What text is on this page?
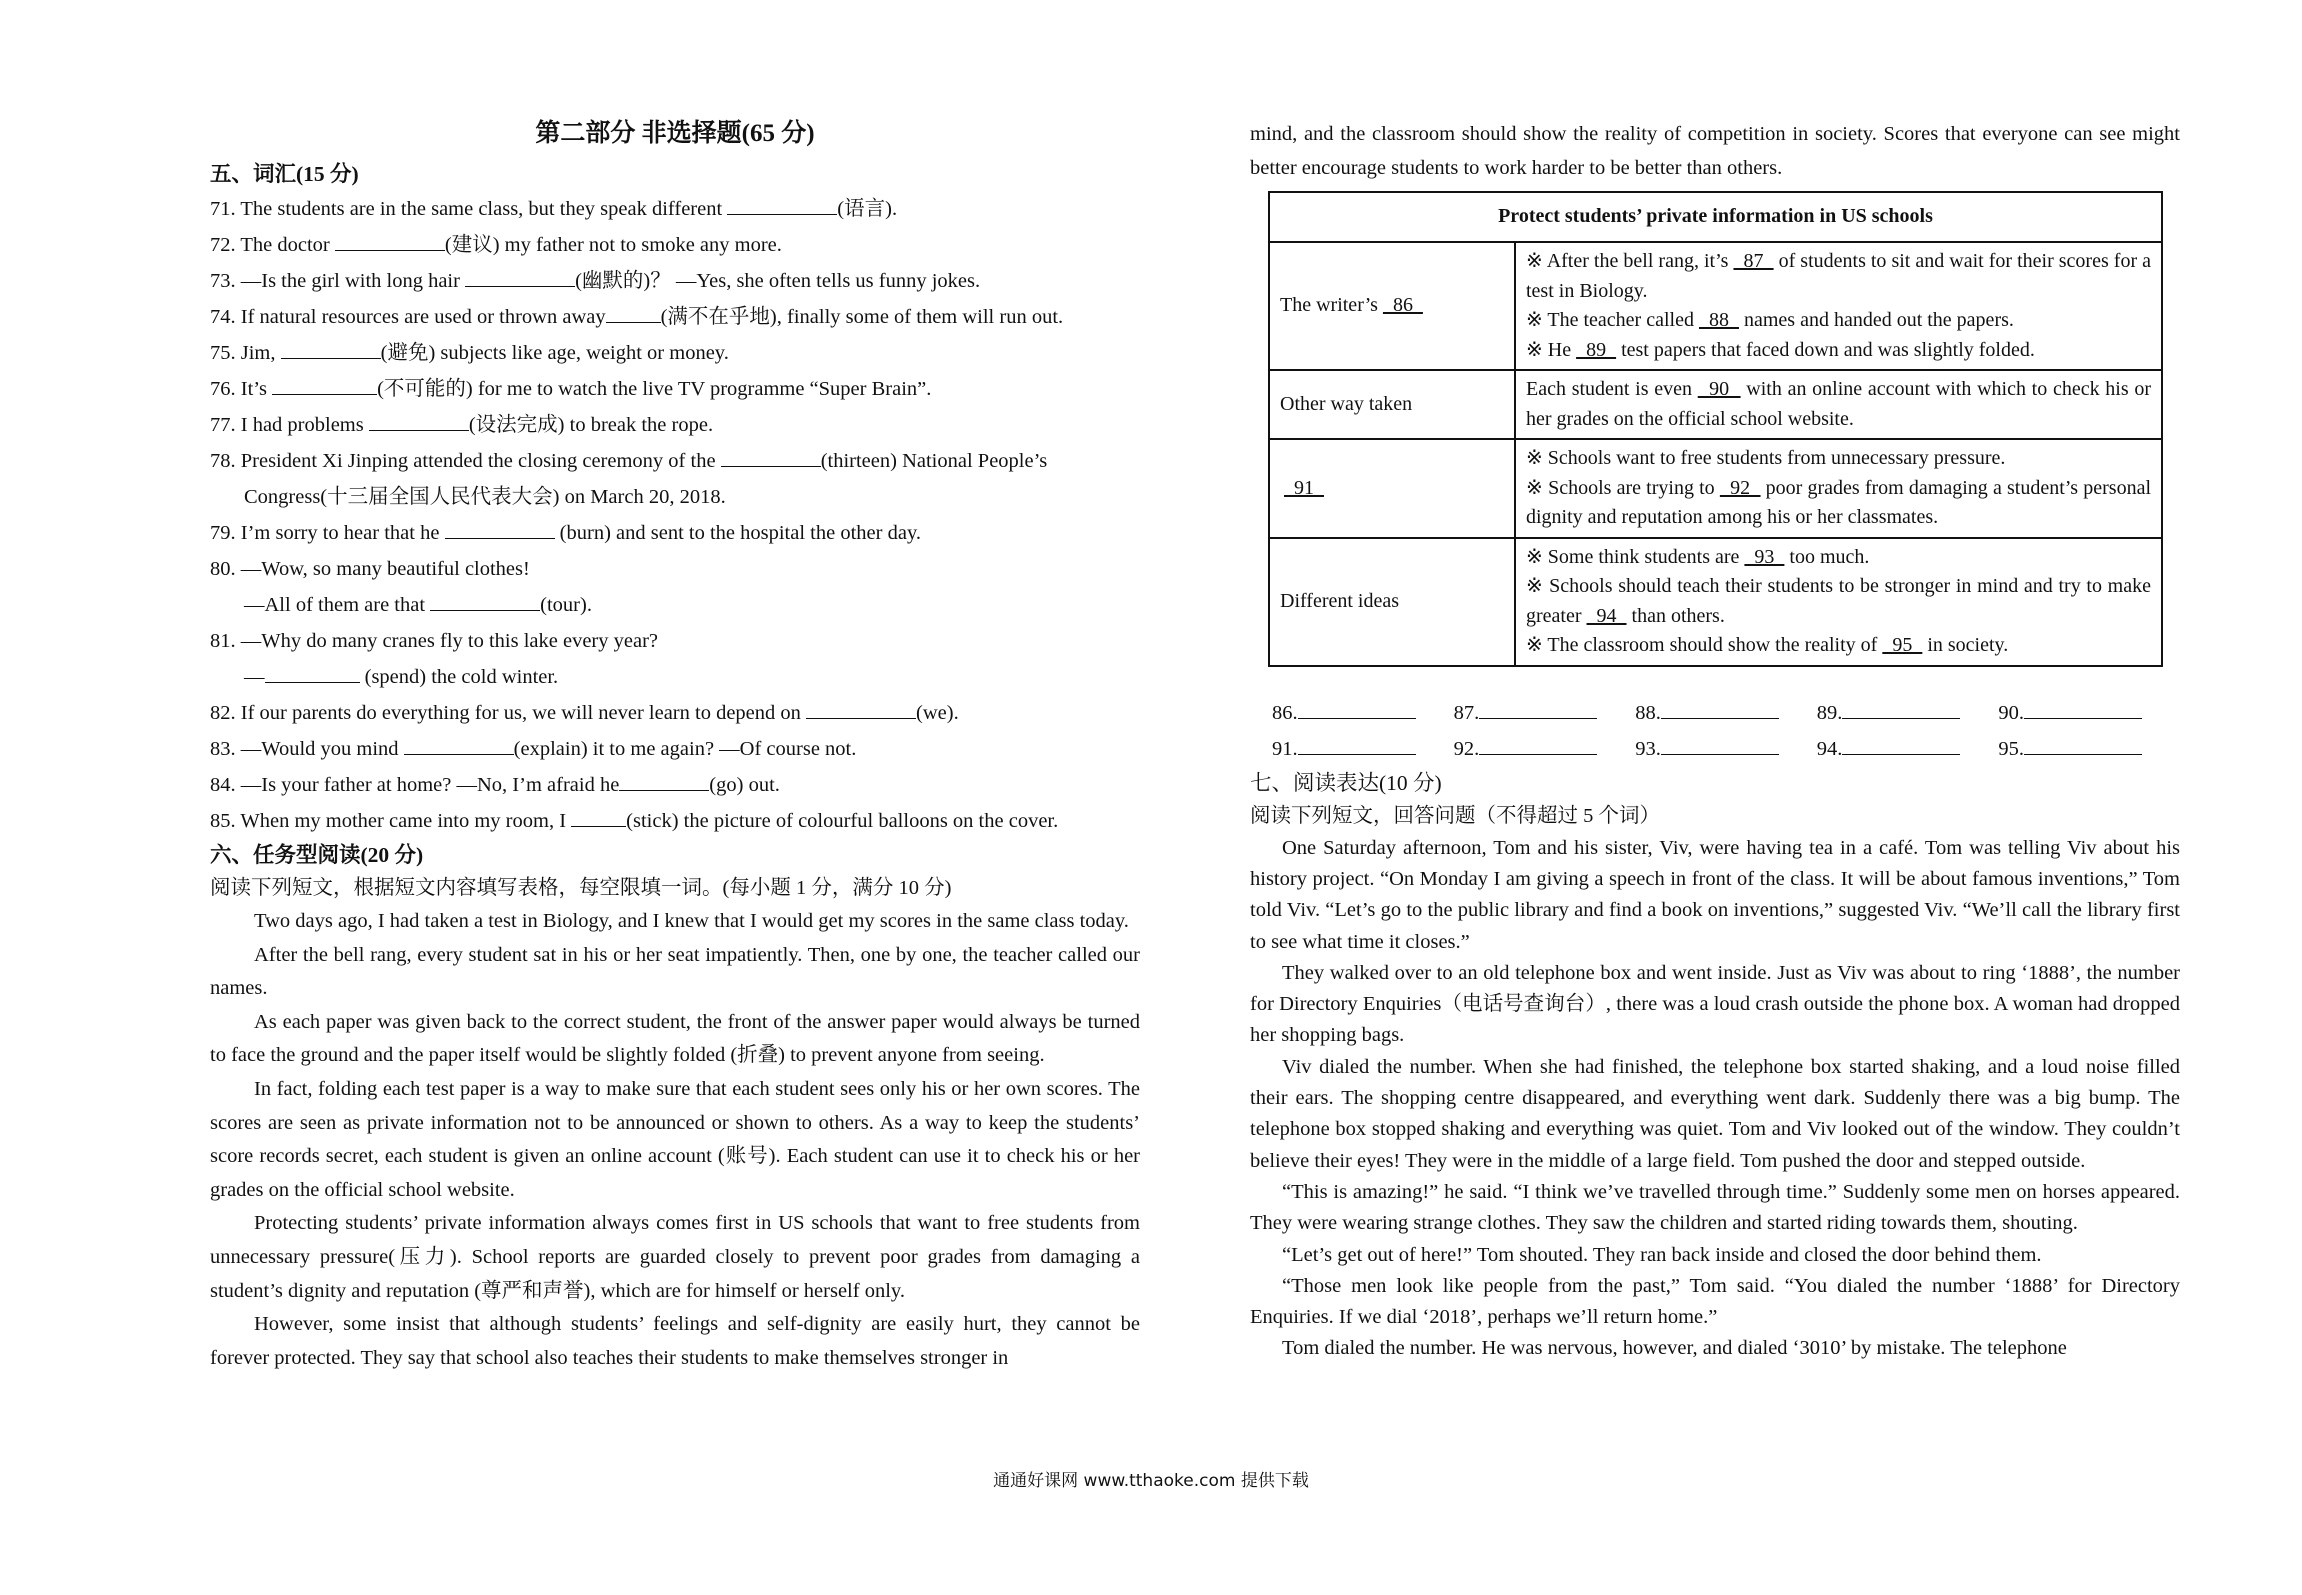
第二部分 非选择题(65 分)
五、词汇(15 分)
71. The students are in the same class, but they speak different	(语言).
72. The doctor	(建议) my father not to smoke any more.
73. —Is the girl with long hair	(幽默的)？ —Yes, she often tells us funny jokes.
74. If natural resources are used or thrown away	(满不在乎地), finally some of them will run out.
75. Jim,	(避免) subjects like age, weight or money.
76. It’s	(不可能的) for me to watch the live TV programme “Super Brain”.
77. I had problems	(设法完成) to break the rope.
78. President Xi Jinping attended the closing ceremony of the	(thirteen) National People’s
Congress(十三届全国人民代表大会) on March 20, 2018.
79. I’m sorry to hear that he	(burn) and sent to the hospital the other day.
80. —Wow, so many beautiful clothes!
—All of them are that	(tour).
81. —Why do many cranes fly to this lake every year?
—	(spend) the cold winter.
82. If our parents do everything for us, we will never learn to depend on	(we).
83. —Would you mind	(explain) it to me again? —Of course not.
84. —Is your father at home? —No, I’m afraid he	(go) out.
85. When my mother came into my room, I	(stick) the picture of colourful balloons on the cover.
六、任务型阅读(20 分)
阅读下列短文，根据短文内容填写表格，每空限填一词。(每小题 1 分，满分 10 分)

Two days ago, I had taken a test in Biology, and I knew that I would get my scores in the same class today.

After the bell rang, every student sat in his or her seat impatiently. Then, one by one, the teacher called our names.

As each paper was given back to the correct student, the front of the answer paper would always be turned to face the ground and the paper itself would be slightly folded (折叠) to prevent anyone from seeing.

In fact, folding each test paper is a way to make sure that each student sees only his or her own scores. The scores are seen as private information not to be announced or shown to others. As a way to keep the students’ score records secret, each student is given an online account (账号). Each student can use it to check his or her grades on the official school website.

Protecting students’ private information always comes first in US schools that want to free students from unnecessary pressure(压力). School reports are guarded closely to prevent poor grades from damaging a student’s dignity and reputation (尊严和声誉), which are for himself or herself only.

However, some insist that although students’ feelings and self-dignity are easily hurt, they cannot be forever protected. They say that school also teaches their students to make themselves stronger in

mind, and the classroom should show the reality of competition in society. Scores that everyone can see might better encourage students to work harder to be better than others.

Protect students’ private information in US schools	
The writer’s   86	※ After the bell rang, it’s   87   of students to sit and wait for their scores for a test in Biology.
※ The teacher called   88   names and handed out the papers.
※ He   89   test papers that faced down and was slightly folded.

Other way taken	Each student is even   90   with an online account with which to check his or her grades on the official school website.

91	※ Schools want to free students from unnecessary pressure.
※ Schools are trying to   92   poor grades from damaging a student’s personal dignity and reputation among his or her classmates.

Different ideas	※ Some think students are   93   too much.
※ Schools should teach their students to be stronger in mind and try to make greater   94   than others.
※ The classroom should show the reality of   95   in society.
86.	87.	88.	89.	90.
91.	92.	93.	94.	95.
七、阅读表达(10 分)
阅读下列短文，回答问题（不得超过 5 个词）

One Saturday afternoon, Tom and his sister, Viv, were having tea in a café. Tom was telling Viv about his history project. “On Monday I am giving a speech in front of the class. It will be about famous inventions,” Tom told Viv. “Let’s go to the public library and find a book on inventions,” suggested Viv. “We’ll call the library first to see what time it closes.”

They walked over to an old telephone box and went inside. Just as Viv was about to ring ‘1888’, the number for Directory Enquiries（电话号查询台）, there was a loud crash outside the phone box. A woman had dropped her shopping bags.

Viv dialed the number. When she had finished, the telephone box started shaking, and a loud noise filled their ears. The shopping centre disappeared, and everything went dark. Suddenly there was a big bump. The telephone box stopped shaking and everything was quiet. Tom and Viv looked out of the window. They couldn’t believe their eyes! They were in the middle of a large field. Tom pushed the door and stepped outside.

“This is amazing!” he said. “I think we’ve travelled through time.” Suddenly some men on horses appeared. They were wearing strange clothes. They saw the children and started riding towards them, shouting.

“Let’s get out of here!” Tom shouted. They ran back inside and closed the door behind them.

“Those men look like people from the past,” Tom said. “You dialed the number ‘1888’ for Directory Enquiries. If we dial ‘2018’, perhaps we’ll return home.”

Tom dialed the number. He was nervous, however, and dialed ‘3010’ by mistake. The telephone

通通好课网 www.tthaoke.com 提供下载
